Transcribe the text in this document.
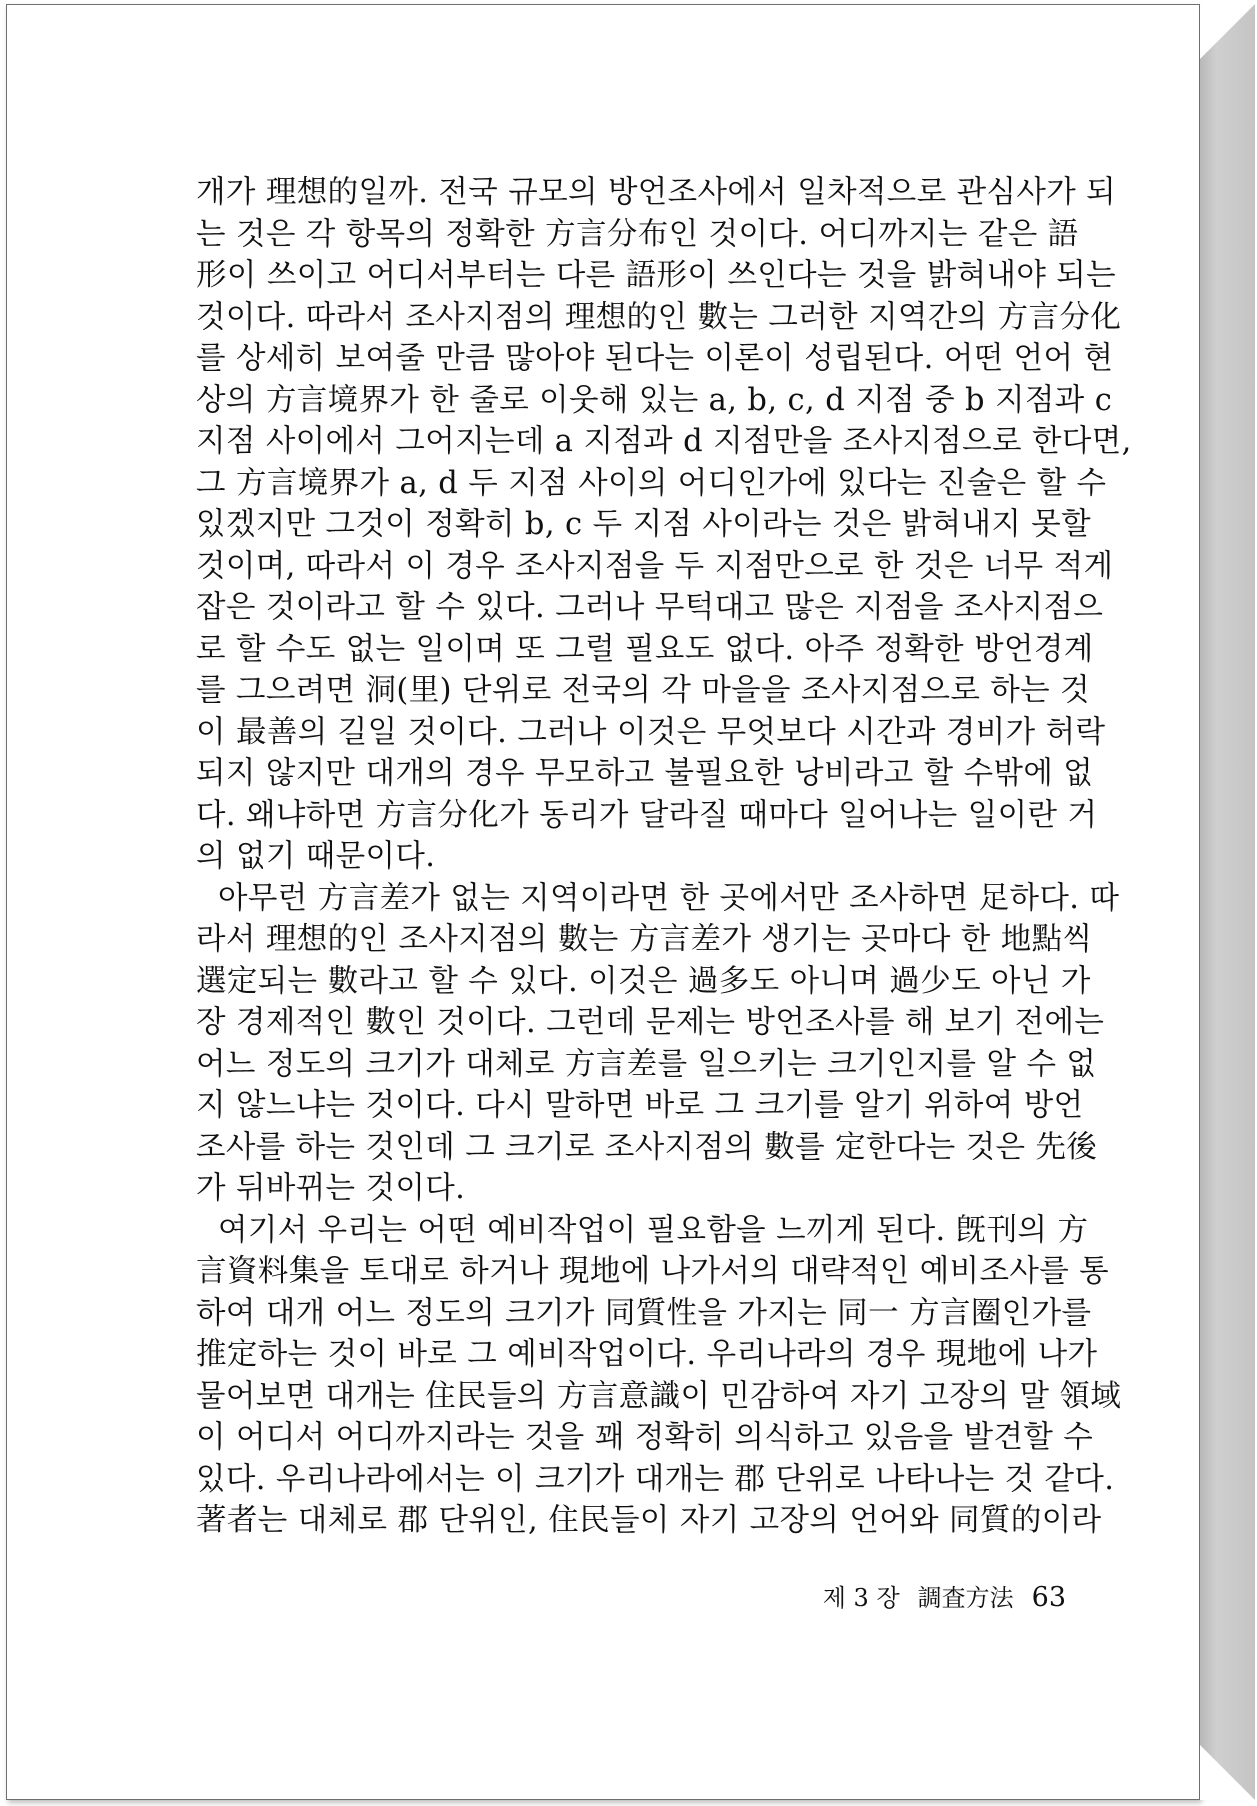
개가 理想的일까. 전국 규모의 방언조사에서 일차적으로 관심사가 되
는 것은 각 항목의 정확한 方言分布인 것이다. 어디까지는 같은 語
形이 쓰이고 어디서부터는 다른 語形이 쓰인다는 것을 밝혀내야 되는
것이다. 따라서 조사지점의 理想的인 數는 그러한 지역간의 方言分化
를 상세히 보여줄 만큼 많아야 된다는 이론이 성립된다. 어떤 언어 현
상의 方言境界가 한 줄로 이웃해 있는 a, b, c, d 지점 중 b 지점과 c
지점 사이에서 그어지는데 a 지점과 d 지점만을 조사지점으로 한다면,
그 方言境界가 a, d 두 지점 사이의 어디인가에 있다는 진술은 할 수
있겠지만 그것이 정확히 b, c 두 지점 사이라는 것은 밝혀내지 못할
것이며, 따라서 이 경우 조사지점을 두 지점만으로 한 것은 너무 적게
잡은 것이라고 할 수 있다. 그러나 무턱대고 많은 지점을 조사지점으
로 할 수도 없는 일이며 또 그럴 필요도 없다. 아주 정확한 방언경계
를 그으려면 洞(里) 단위로 전국의 각 마을을 조사지점으로 하는 것
이 最善의 길일 것이다. 그러나 이것은 무엇보다 시간과 경비가 허락
되지 않지만 대개의 경우 무모하고 불필요한 낭비라고 할 수밖에 없
다. 왜냐하면 方言分化가 동리가 달라질 때마다 일어나는 일이란 거
의 없기 때문이다.

아무런 方言差가 없는 지역이라면 한 곳에서만 조사하면 足하다. 따
라서 理想的인 조사지점의 數는 方言差가 생기는 곳마다 한 地點씩
選定되는 數라고 할 수 있다. 이것은 過多도 아니며 過少도 아닌 가
장 경제적인 數인 것이다. 그런데 문제는 방언조사를 해 보기 전에는
어느 정도의 크기가 대체로 方言差를 일으키는 크기인지를 알 수 없
지 않느냐는 것이다. 다시 말하면 바로 그 크기를 알기 위하여 방언
조사를 하는 것인데 그 크기로 조사지점의 數를 定한다는 것은 先後
가 뒤바뀌는 것이다.

여기서 우리는 어떤 예비작업이 필요함을 느끼게 된다. 旣刊의 方
言資料集을 토대로 하거나 現地에 나가서의 대략적인 예비조사를 통
하여 대개 어느 정도의 크기가 同質性을 가지는 同一 方言圈인가를
推定하는 것이 바로 그 예비작업이다. 우리나라의 경우 現地에 나가
물어보면 대개는 住民들의 方言意識이 민감하여 자기 고장의 말 領域
이 어디서 어디까지라는 것을 꽤 정확히 의식하고 있음을 발견할 수
있다. 우리나라에서는 이 크기가 대개는 郡 단위로 나타나는 것 같다.
著者는 대체로 郡 단위인, 住民들이 자기 고장의 언어와 同質的이라

제 3 장 調査方法 63
